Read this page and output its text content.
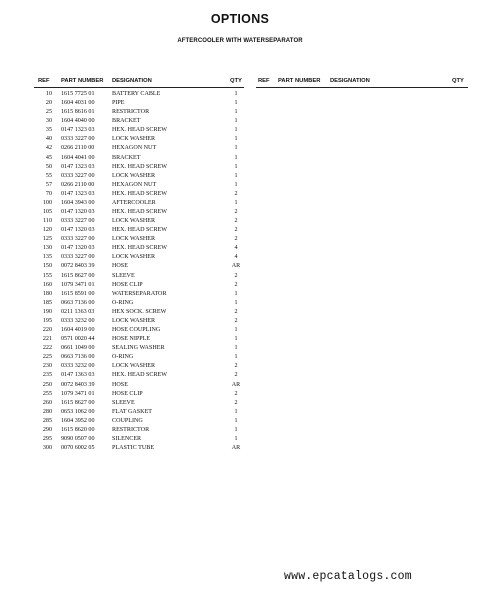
OPTIONS
AFTERCOOLER WITH WATERSEPARATOR
REF PART NUMBER DESIGNATION	QTY	REF PART NUMBER DESIGNATION	QTY
10 1615 7725 01	BATTERY CABLE	1
20 1604 4031 00	PIPE	1
25 1615 8616 01	RESTRICTOR	1
30 1604 4040 00	BRACKET	1
35 0147 1323 03	HEX. HEAD SCREW	1
40 0333 3227 00	LOCK WASHER	1
42 0266 2110 00	HEXAGON NUT	1
45 1604 4041 00	BRACKET	1
50 0147 1323 03	HEX. HEAD SCREW	1
55 0333 3227 00	LOCK WASHER	1
57 0266 2110 00	HEXAGON NUT	1
70 0147 1323 03	HEX. HEAD SCREW	2
100 1604 3943 00	AFTERCOOLER	1
105 0147 1320 03	HEX. HEAD SCREW	2
110 0333 3227 00	LOCK WASHER	2
120 0147 1320 03	HEX. HEAD SCREW	2
125 0333 3227 00	LOCK WASHER	2
130 0147 1320 03	HEX. HEAD SCREW	4
135 0333 3227 00	LOCK WASHER	4
150 0072 8403 39	HOSE	AR
155 1615 8627 00	SLEEVE	2
160 1079 3471 01	HOSE CLIP	2
180 1615 8591 00	WATERSEPARATOR	1
185 0663 7136 00	O-RING	1
190 0211 1363 03	HEX SOCK. SCREW	2
195 0333 3232 00	LOCK WASHER	2
220 1604 4019 00	HOSE COUPLING	1
221 0571 0020 44	HOSE NIPPLE	1
222 0661 1049 00	SEALING WASHER	1
225 0663 7136 00	O-RING	1
230 0333 3232 00	LOCK WASHER	2
235 0147 1363 03	HEX. HEAD SCREW	2
250 0072 8403 39	HOSE	AR
255 1079 3471 01	HOSE CLIP	2
260 1615 8627 00	SLEEVE	2
280 0653 1062 00	FLAT GASKET	1
285 1604 3952 00	COUPLING	1
290 1615 8620 00	RESTRICTOR	1
295 9090 0507 00	SILENCER	1
300 0070 6002 05	PLASTIC TUBE	AR
www.epcatalogs.com
